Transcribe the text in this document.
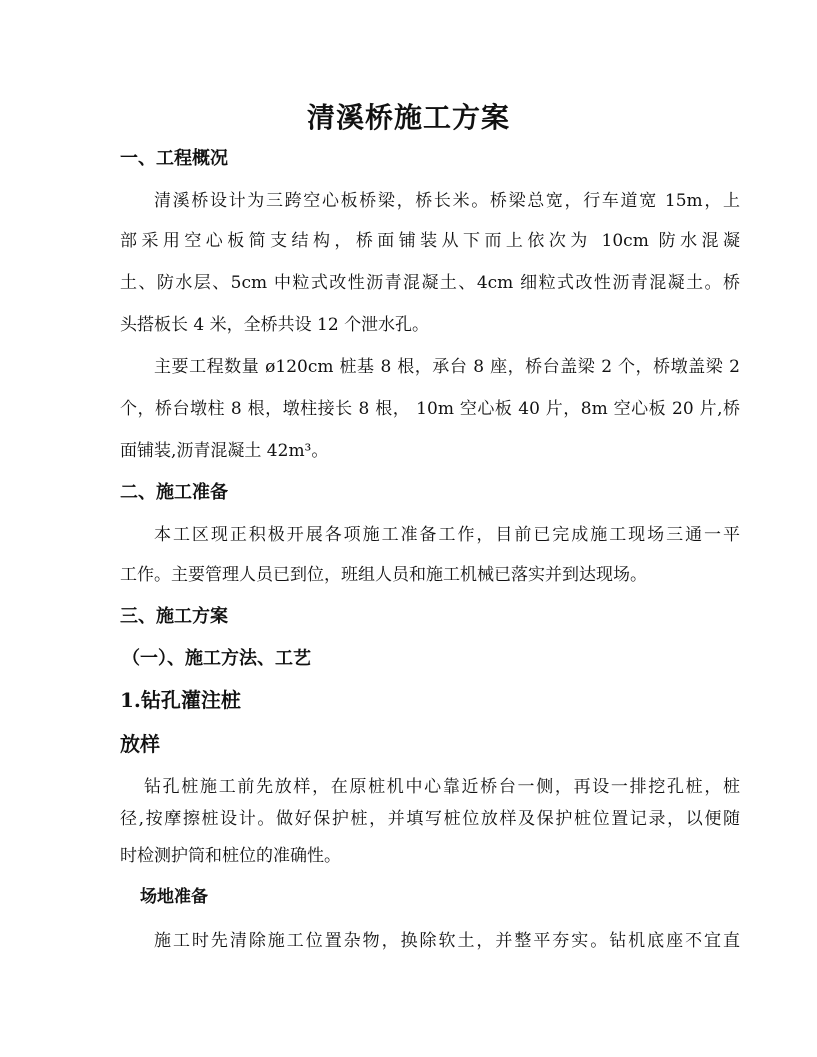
清溪桥施工方案
一、工程概况
清溪桥设计为三跨空心板桥梁，桥长米。桥梁总宽，行车道宽 15m，上
部采用空心板简支结构，桥面铺装从下而上依次为 10cm 防水混凝
土、防水层、5cm 中粒式改性沥青混凝土、4cm 细粒式改性沥青混凝土。桥
头搭板长 4 米，全桥共设 12 个泄水孔。
主要工程数量 ø120cm 桩基 8 根，承台 8 座，桥台盖梁 2 个，桥墩盖梁 2
个，桥台墩柱 8 根，墩柱接长 8 根， 10m 空心板 40 片，8m 空心板 20 片,桥
面铺装,沥青混凝土 42m³。
二、施工准备
本工区现正积极开展各项施工准备工作，目前已完成施工现场三通一平
工作。主要管理人员已到位，班组人员和施工机械已落实并到达现场。
三、施工方案
（一）、施工方法、工艺
1.钻孔灌注桩
放样
钻孔桩施工前先放样，在原桩机中心靠近桥台一侧，再设一排挖孔桩，桩
径,按摩擦桩设计。做好保护桩，并填写桩位放样及保护桩位置记录，以便随
时检测护筒和桩位的准确性。
场地准备
施工时先清除施工位置杂物，换除软土，并整平夯实。钻机底座不宜直
